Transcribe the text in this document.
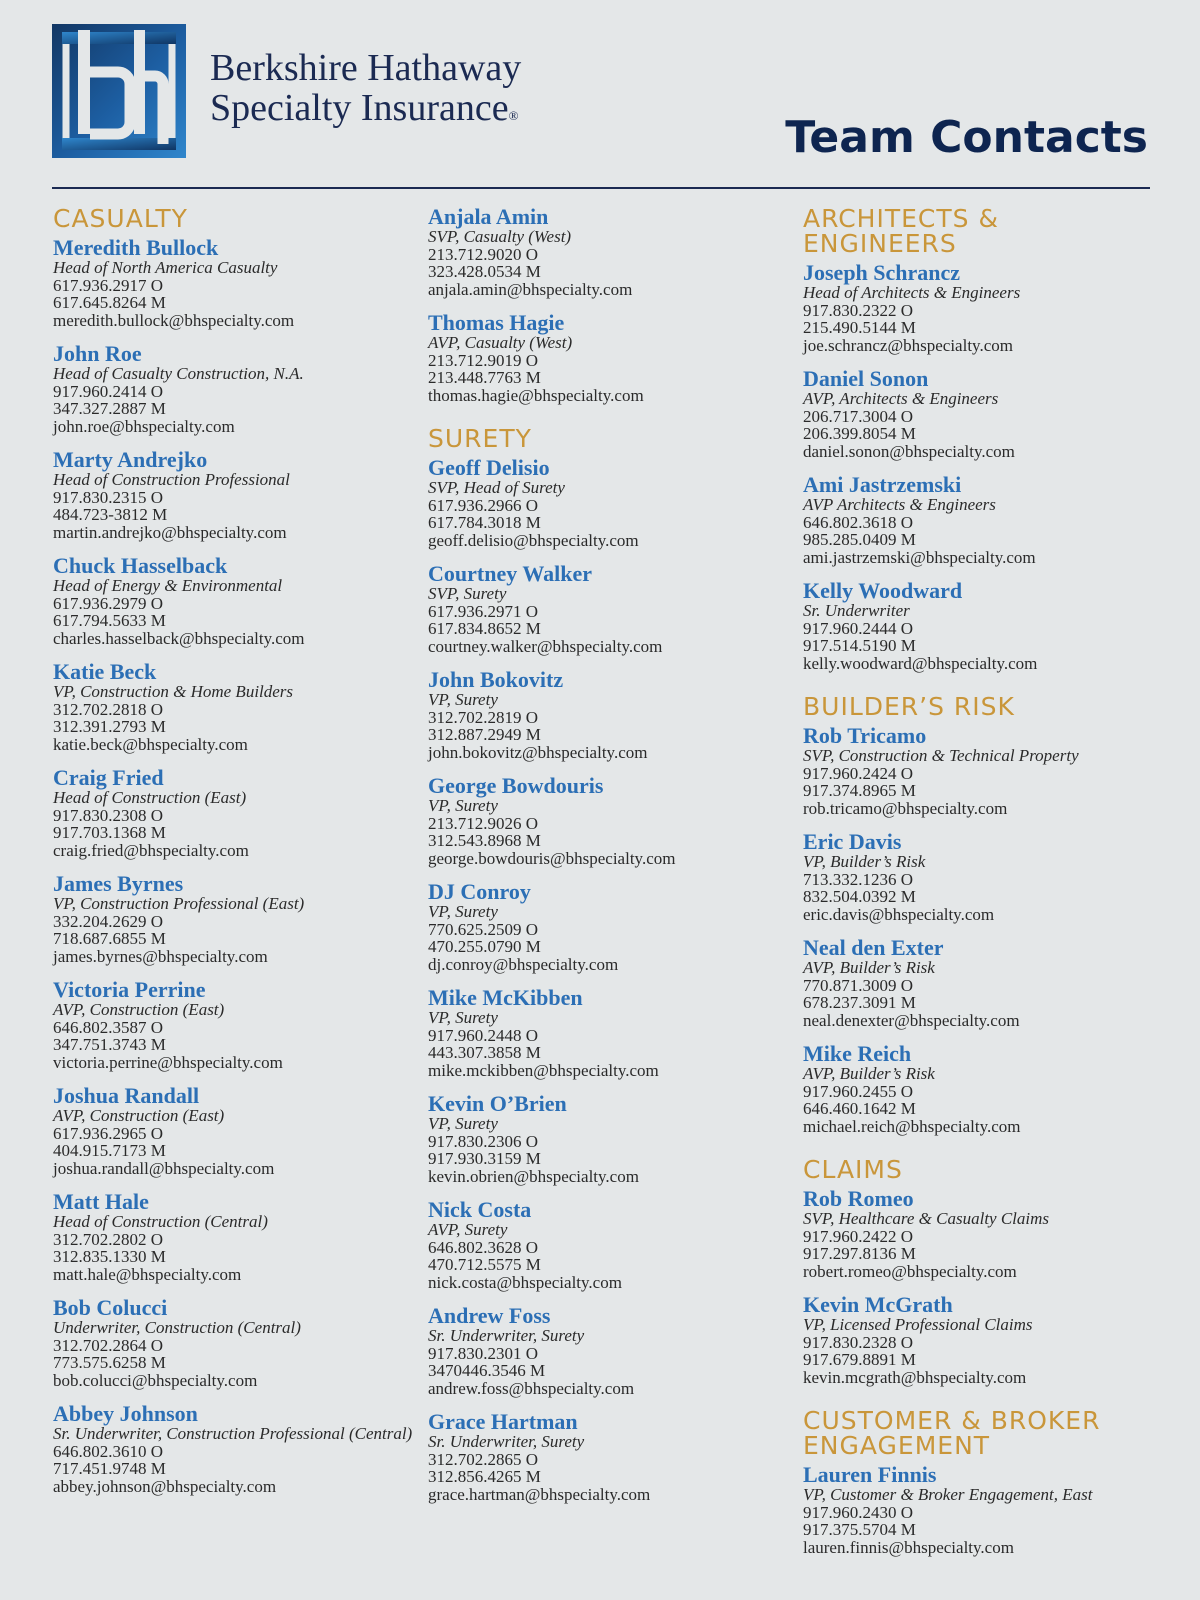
Berkshire Hathaway
Specialty Insurance®	Team Contacts
CASUALTY
Meredith Bullock
Head of North America Casualty
617.936.2917 O
617.645.8264 M
meredith.bullock@bhspecialty.com
John Roe
Head of Casualty Construction, N.A.
917.960.2414 O
347.327.2887 M
john.roe@bhspecialty.com
Marty Andrejko
Head of Construction Professional
917.830.2315 O
484.723-3812 M
martin.andrejko@bhspecialty.com
Chuck Hasselback
Head of Energy & Environmental
617.936.2979 O
617.794.5633 M
charles.hasselback@bhspecialty.com
Katie Beck
VP, Construction & Home Builders
312.702.2818 O
312.391.2793 M
katie.beck@bhspecialty.com
Craig Fried
Head of Construction (East)
917.830.2308 O
917.703.1368 M
craig.fried@bhspecialty.com
James Byrnes
VP, Construction Professional (East)
332.204.2629 O
718.687.6855 M
james.byrnes@bhspecialty.com
Victoria Perrine
AVP, Construction (East)
646.802.3587 O
347.751.3743 M
victoria.perrine@bhspecialty.com
Joshua Randall
AVP, Construction (East)
617.936.2965 O
404.915.7173 M
joshua.randall@bhspecialty.com
Matt Hale
Head of Construction (Central)
312.702.2802 O
312.835.1330 M
matt.hale@bhspecialty.com
Bob Colucci
Underwriter, Construction (Central)
312.702.2864 O
773.575.6258 M
bob.colucci@bhspecialty.com
Abbey Johnson
Sr. Underwriter, Construction Professional (Central)
646.802.3610 O
717.451.9748 M
abbey.johnson@bhspecialty.com
Anjala Amin
SVP, Casualty (West)
213.712.9020 O
323.428.0534 M
anjala.amin@bhspecialty.com
Thomas Hagie
AVP, Casualty (West)
213.712.9019 O
213.448.7763 M
thomas.hagie@bhspecialty.com
SURETY
Geoff Delisio
SVP, Head of Surety
617.936.2966 O
617.784.3018 M
geoff.delisio@bhspecialty.com
Courtney Walker
SVP, Surety
617.936.2971 O
617.834.8652 M
courtney.walker@bhspecialty.com
John Bokovitz
VP, Surety
312.702.2819 O
312.887.2949 M
john.bokovitz@bhspecialty.com
George Bowdouris
VP, Surety
213.712.9026 O
312.543.8968 M
george.bowdouris@bhspecialty.com
DJ Conroy
VP, Surety
770.625.2509 O
470.255.0790 M
dj.conroy@bhspecialty.com
Mike McKibben
VP, Surety
917.960.2448 O
443.307.3858 M
mike.mckibben@bhspecialty.com
Kevin O’Brien
VP, Surety
917.830.2306 O
917.930.3159 M
kevin.obrien@bhspecialty.com
Nick Costa
AVP, Surety
646.802.3628 O
470.712.5575 M
nick.costa@bhspecialty.com
Andrew Foss
Sr. Underwriter, Surety
917.830.2301 O
3470446.3546 M
andrew.foss@bhspecialty.com
Grace Hartman
Sr. Underwriter, Surety
312.702.2865 O
312.856.4265 M
grace.hartman@bhspecialty.com
ARCHITECTS & ENGINEERS
Joseph Schrancz
Head of Architects & Engineers
917.830.2322 O
215.490.5144 M
joe.schrancz@bhspecialty.com
Daniel Sonon
AVP, Architects & Engineers
206.717.3004 O
206.399.8054 M
daniel.sonon@bhspecialty.com
Ami Jastrzemski
AVP Architects & Engineers
646.802.3618 O
985.285.0409 M
ami.jastrzemski@bhspecialty.com
Kelly Woodward
Sr. Underwriter
917.960.2444 O
917.514.5190 M
kelly.woodward@bhspecialty.com
BUILDER’S RISK
Rob Tricamo
SVP, Construction & Technical Property
917.960.2424 O
917.374.8965 M
rob.tricamo@bhspecialty.com
Eric Davis
VP, Builder’s Risk
713.332.1236 O
832.504.0392 M
eric.davis@bhspecialty.com
Neal den Exter
AVP, Builder’s Risk
770.871.3009 O
678.237.3091 M
neal.denexter@bhspecialty.com
Mike Reich
AVP, Builder’s Risk
917.960.2455 O
646.460.1642 M
michael.reich@bhspecialty.com
CLAIMS
Rob Romeo
SVP, Healthcare & Casualty Claims
917.960.2422 O
917.297.8136 M
robert.romeo@bhspecialty.com
Kevin McGrath
VP, Licensed Professional Claims
917.830.2328 O
917.679.8891 M
kevin.mcgrath@bhspecialty.com
CUSTOMER & BROKER ENGAGEMENT
Lauren Finnis
VP, Customer & Broker Engagement, East
917.960.2430 O
917.375.5704 M
lauren.finnis@bhspecialty.com
